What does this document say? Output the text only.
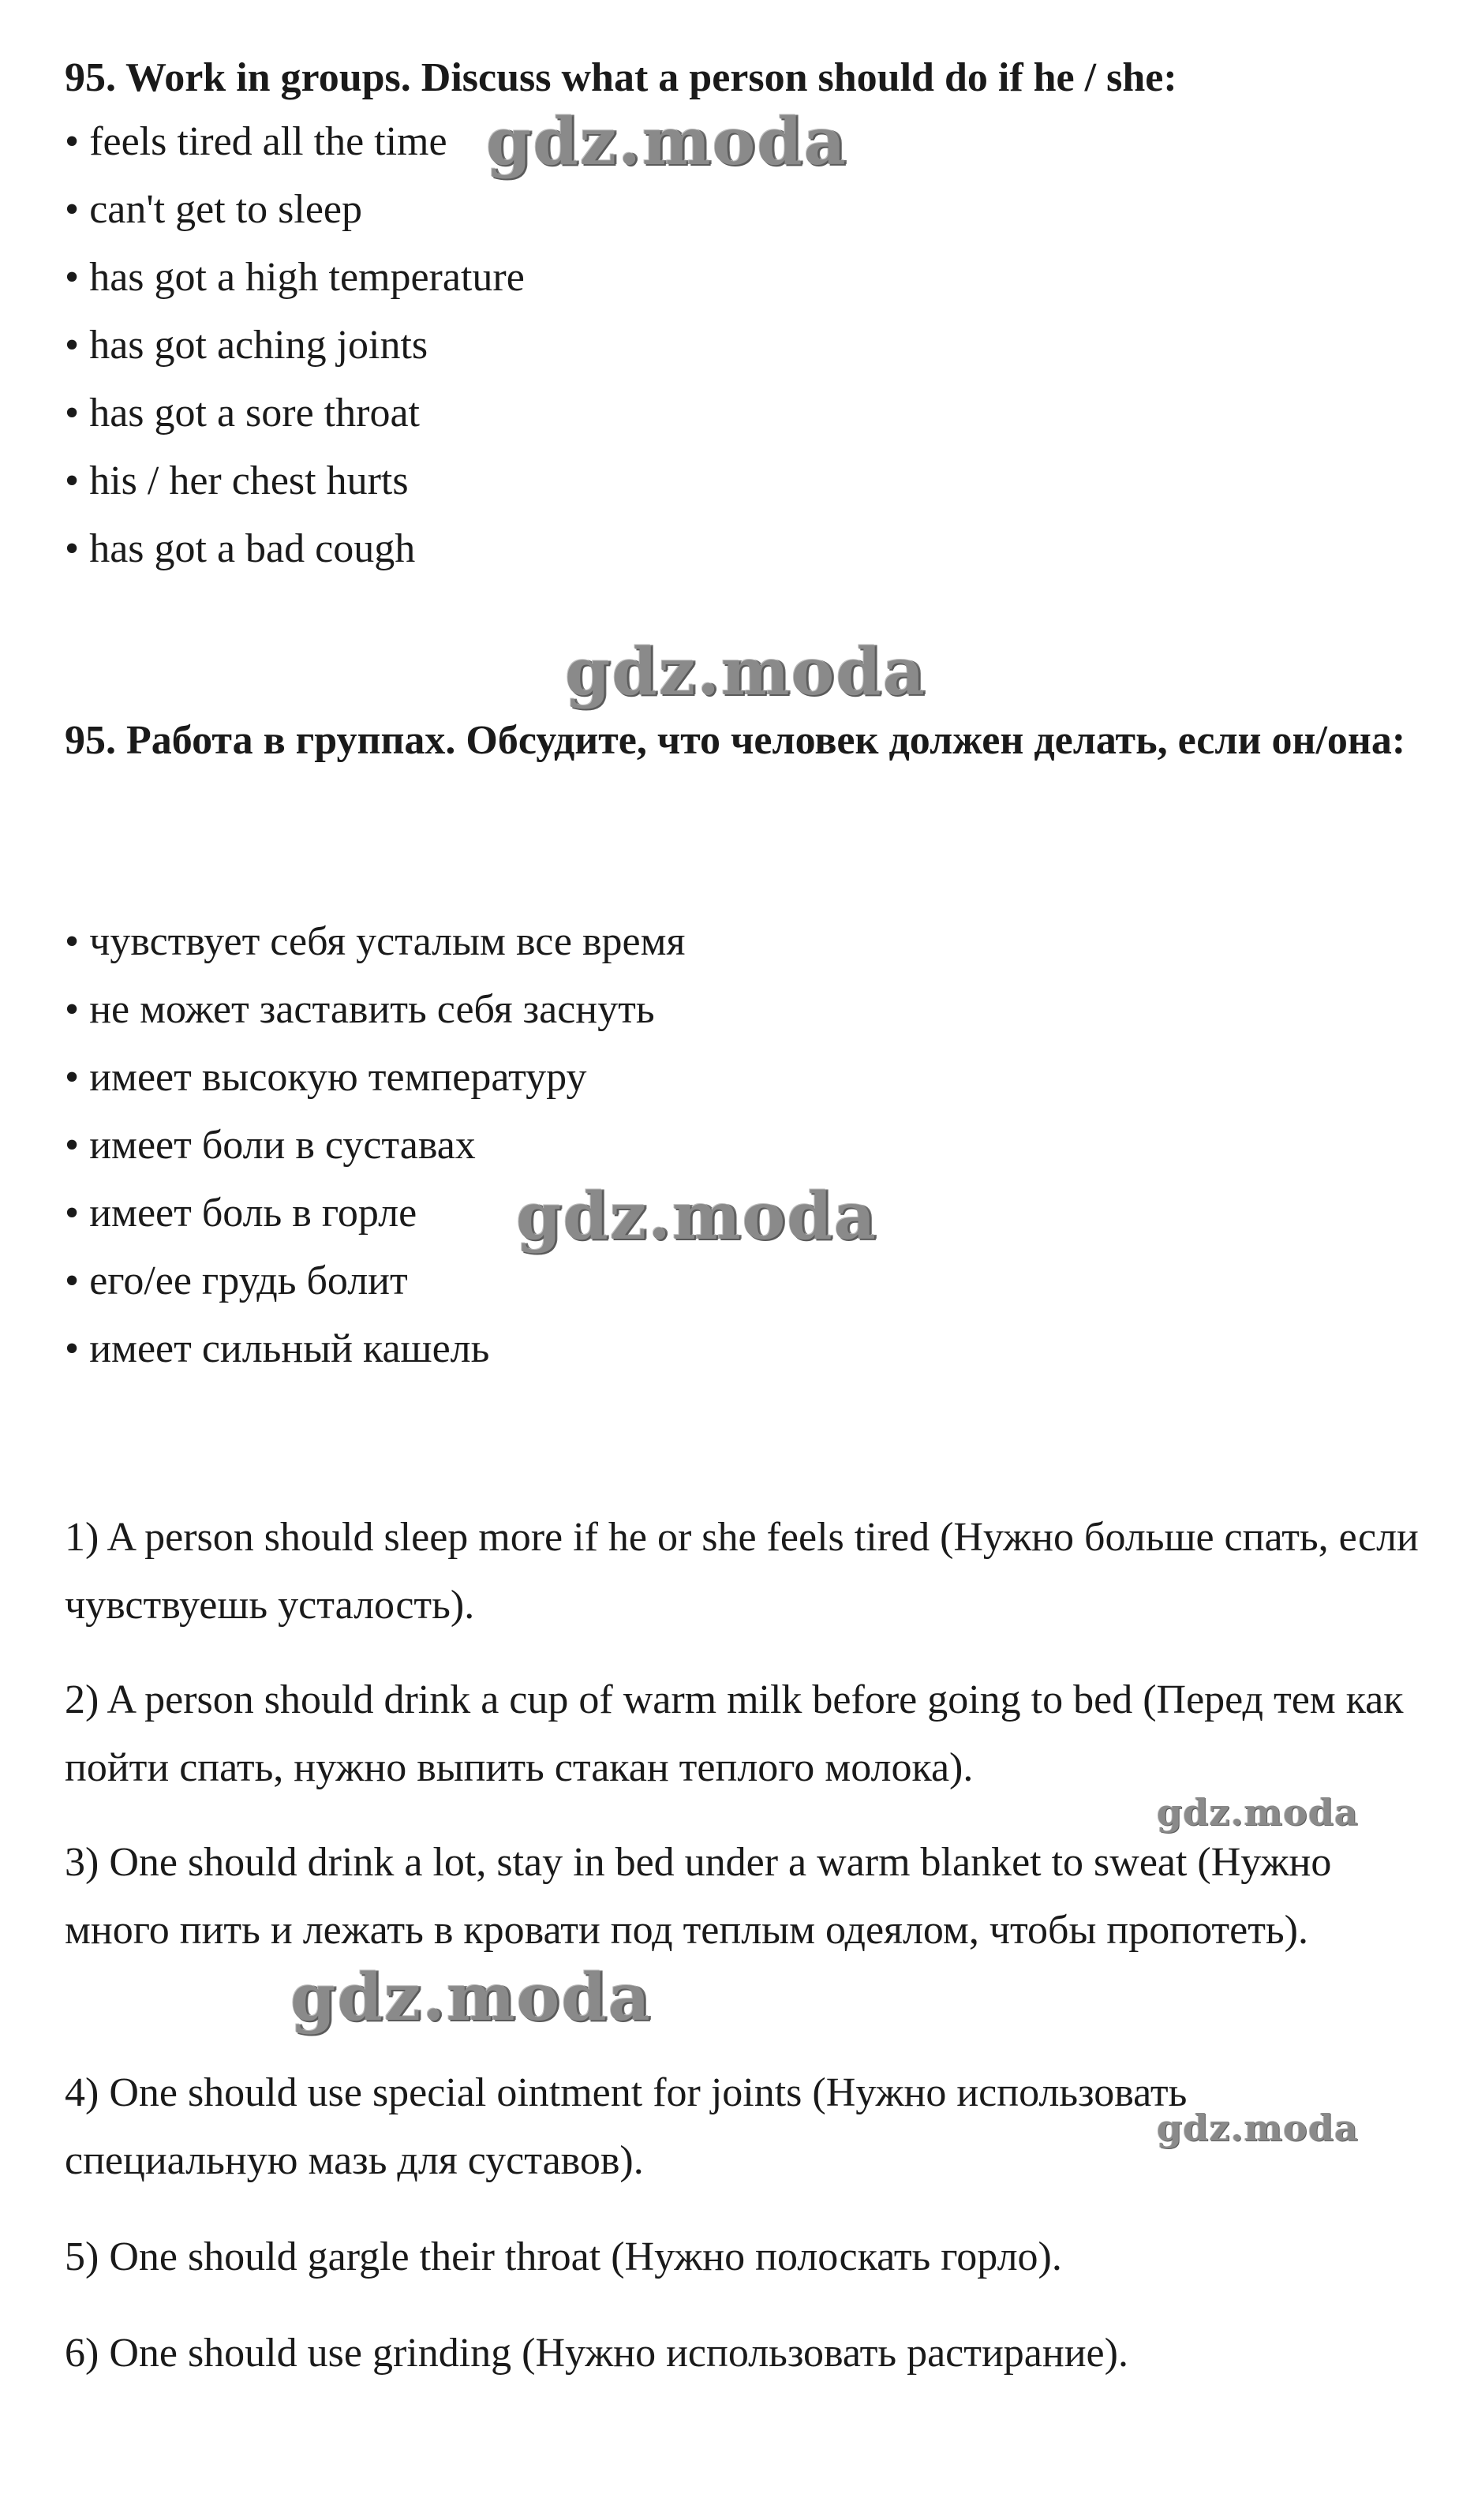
95. Work in groups. Discuss what a person should do if he / she:
• feels tired all the time
• can't get to sleep
• has got a high temperature
• has got aching joints
• has got a sore throat
• his / her chest hurts
• has got a bad cough
95. Работа в группах. Обсудите, что человек должен делать, если он/она:
• чувствует себя усталым все время
• не может заставить себя заснуть
• имеет высокую температуру
• имеет боли в суставах
• имеет боль в горле
• его/ее грудь болит
• имеет сильный кашель
1) A person should sleep more if he or she feels tired (Нужно больше спать, если чувствуешь усталость).
2) A person should drink a cup of warm milk before going to bed (Перед тем как пойти спать, нужно выпить стакан теплого молока).
3) One should drink a lot, stay in bed under a warm blanket to sweat (Нужно много пить и лежать в кровати под теплым одеялом, чтобы пропотеть).
4) One should use special ointment for joints (Нужно использовать специальную мазь для суставов).
5) One should gargle their throat (Нужно полоскать горло).
6) One should use grinding (Нужно использовать растирание).
gdz.moda
gdz.moda
gdz.moda
gdz.moda
gdz.moda
gdz.moda
